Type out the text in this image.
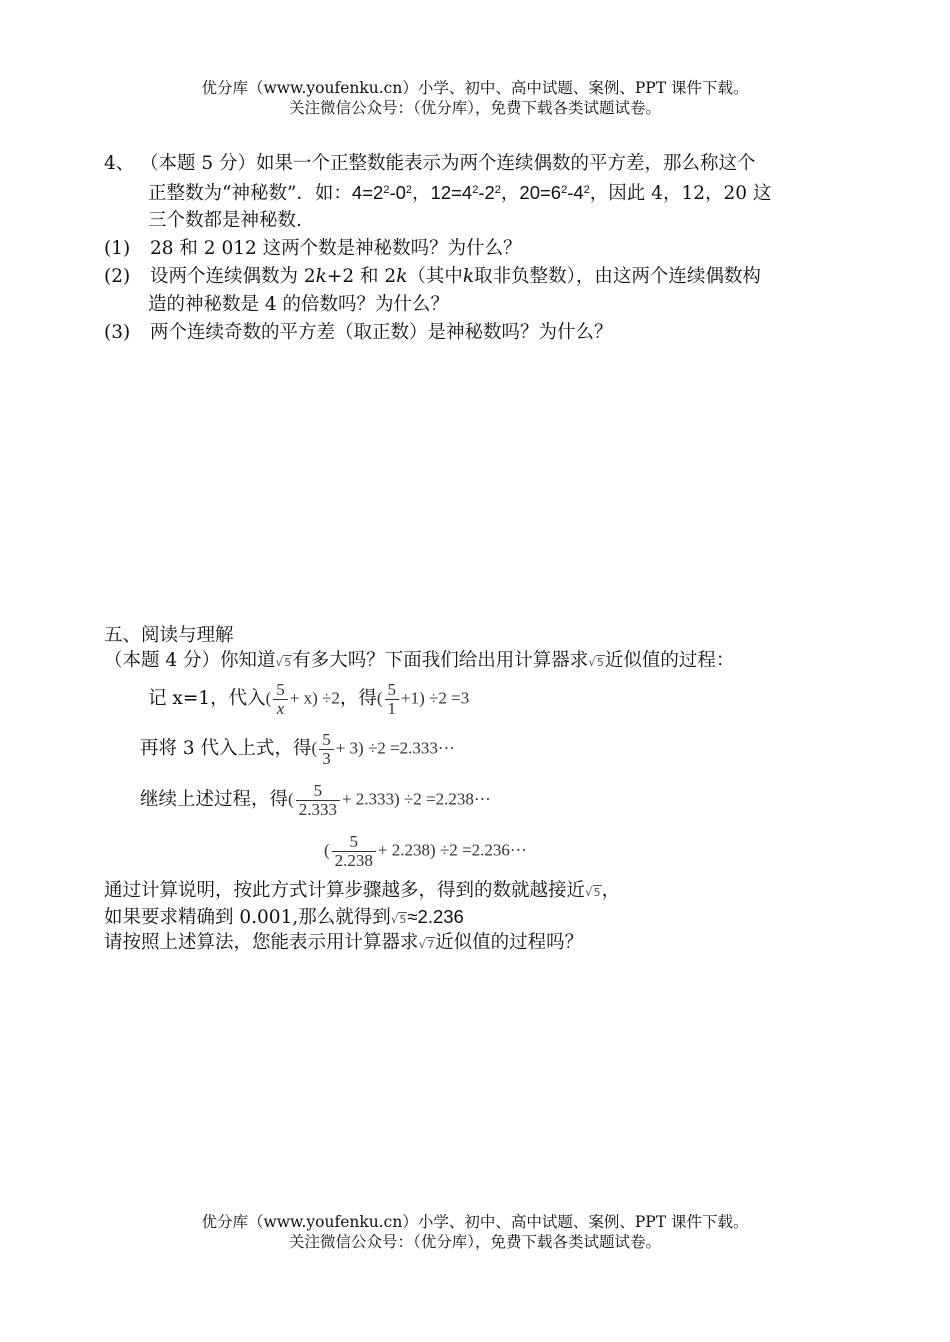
优分库（www.youfenku.cn）小学、初中、高中试题、案例、PPT 课件下载。
关注微信公众号：（优分库），免费下载各类试题试卷。
4、 （本题 5 分）如果一个正整数能表示为两个连续偶数的平方差，那么称这个
正整数为“神秘数”．如：$4=2^2-0^2$，$12=4^2-2^2$，$20=6^2-4^2$，因此 4，12，20 这
三个数都是神秘数.
(1) 28 和 2 012 这两个数是神秘数吗？为什么？
(2) 设两个连续偶数为 2k+2 和 2k（其中k取非负整数），由这两个连续偶数构
造的神秘数是 4 的倍数吗？为什么？
(3) 两个连续奇数的平方差（取正数）是神秘数吗？为什么？
五、阅读与理解
（本题 4 分）你知道√5有多大吗？下面我们给出用计算器求√5近似值的过程：
记 x=1，代入 ( $\frac{5}{x} + x) \div 2$ ，得 ( $\frac{5}{1} +1) \div 2 =3$
再将 3 代入上式，得 ( $\frac{5}{3} + 3) \div 2 =2.333\cdot\cdot\cdot$
继续上述过程，得 ( $\frac{5}{2.333} + 2.333) \div 2 =2.238\cdot\cdot\cdot$
( $\frac{5}{2.238} + 2.238) \div 2 =2.236\cdot\cdot\cdot$
通过计算说明，按此方式计算步骤越多，得到的数就越接近√5，
如果要求精确到 0.001,那么就得到√5≈2.236
请按照上述算法，您能表示用计算器求√7近似值的过程吗？
优分库（www.youfenku.cn）小学、初中、高中试题、案例、PPT 课件下载。
关注微信公众号：（优分库），免费下载各类试题试卷。
